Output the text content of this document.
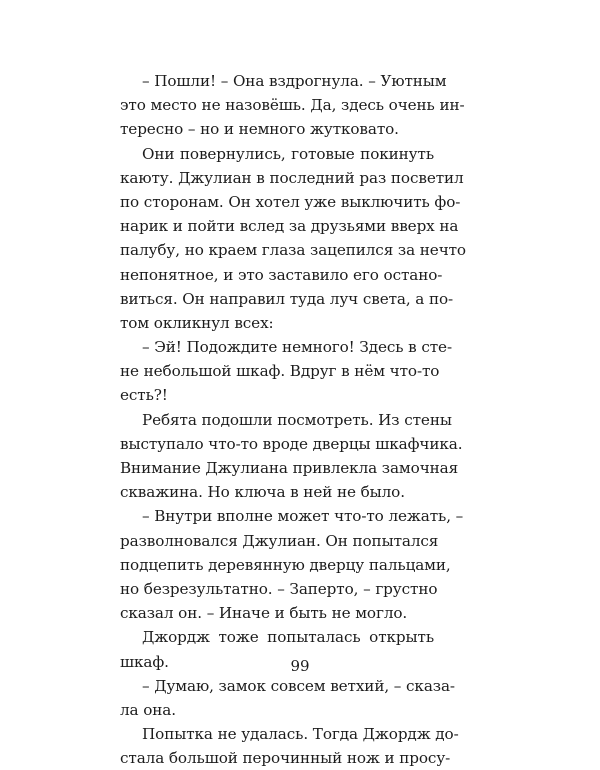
– Пошли! – Она вздрогнула. – Уютным
это место не назовёшь. Да, здесь очень ин-
тересно – но и немного жутковато.
Они повернулись, готовые покинуть
каюту. Джулиан в последний раз посветил
по сторонам. Он хотел уже выключить фо-
нарик и пойти вслед за друзьями вверх на
палубу, но краем глаза зацепился за нечто
непонятное, и это заставило его остано-
виться. Он направил туда луч света, а по-
том окликнул всех:
– Эй! Подождите немного! Здесь в сте-
не небольшой шкаф. Вдруг в нём что-то
есть?!
Ребята подошли посмотреть. Из стены
выступало что-то вроде дверцы шкафчика.
Внимание Джулиана привлекла замочная
скважина. Но ключа в ней не было.
– Внутри вполне может что-то лежать, –
разволновался Джулиан. Он попытался
подцепить деревянную дверцу пальцами,
но безрезультатно. – Заперто, – грустно
сказал он. – Иначе и быть не могло.
Джордж тоже попыталась открыть
шкаф.
– Думаю, замок совсем ветхий, – сказа-
ла она.
Попытка не удалась. Тогда Джордж до-
стала большой перочинный нож и просу-
99
